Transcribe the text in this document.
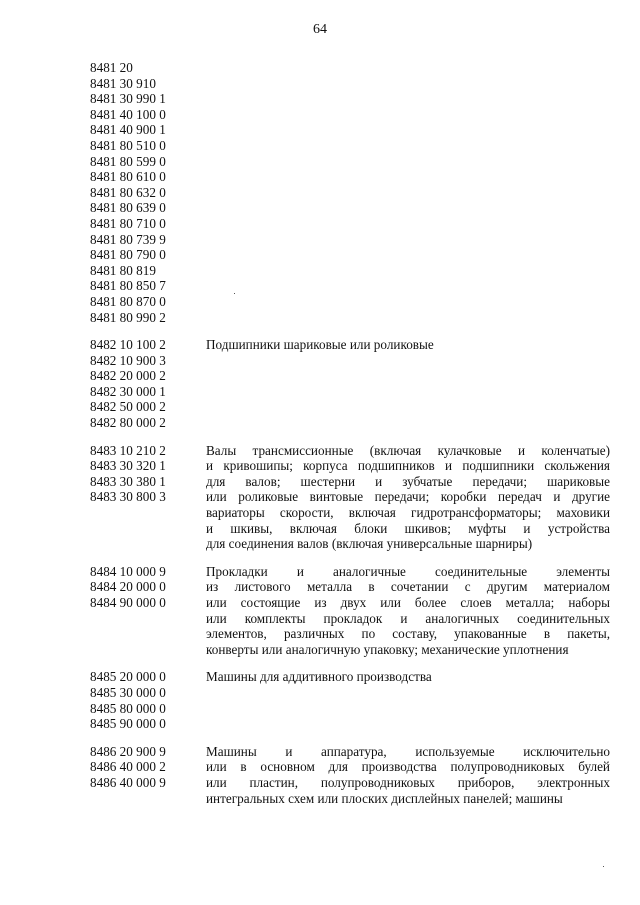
64
8481 20
8481 30 910
8481 30 990 1
8481 40 100 0
8481 40 900 1
8481 80 510 0
8481 80 599 0
8481 80 610 0
8481 80 632 0
8481 80 639 0
8481 80 710 0
8481 80 739 9
8481 80 790 0
8481 80 819
8481 80 850 7
8481 80 870 0
8481 80 990 2
8482 10 100 2
8482 10 900 3
8482 20 000 2
8482 30 000 1
8482 50 000 2
8482 80 000 2
Подшипники шариковые или роликовые
8483 10 210 2
8483 30 320 1
8483 30 380 1
8483 30 800 3
Валы трансмиссионные (включая кулачковые и коленчатые)
и кривошипы; корпуса подшипников и подшипники скольжения
для валов; шестерни и зубчатые передачи; шариковые
или роликовые винтовые передачи; коробки передач и другие
вариаторы скорости, включая гидротрансформаторы; маховики
и шкивы, включая блоки шкивов; муфты и устройства
для соединения валов (включая универсальные шарниры)
8484 10 000 9
8484 20 000 0
8484 90 000 0
Прокладки и аналогичные соединительные элементы
из листового металла в сочетании с другим материалом
или состоящие из двух или более слоев металла; наборы
или комплекты прокладок и аналогичных соединительных
элементов, различных по составу, упакованные в пакеты,
конверты или аналогичную упаковку; механические уплотнения
8485 20 000 0
8485 30 000 0
8485 80 000 0
8485 90 000 0
Машины для аддитивного производства
8486 20 900 9
8486 40 000 2
8486 40 000 9
Машины и аппаратура, используемые исключительно
или в основном для производства полупроводниковых булей
или пластин, полупроводниковых приборов, электронных
интегральных схем или плоских дисплейных панелей; машины
